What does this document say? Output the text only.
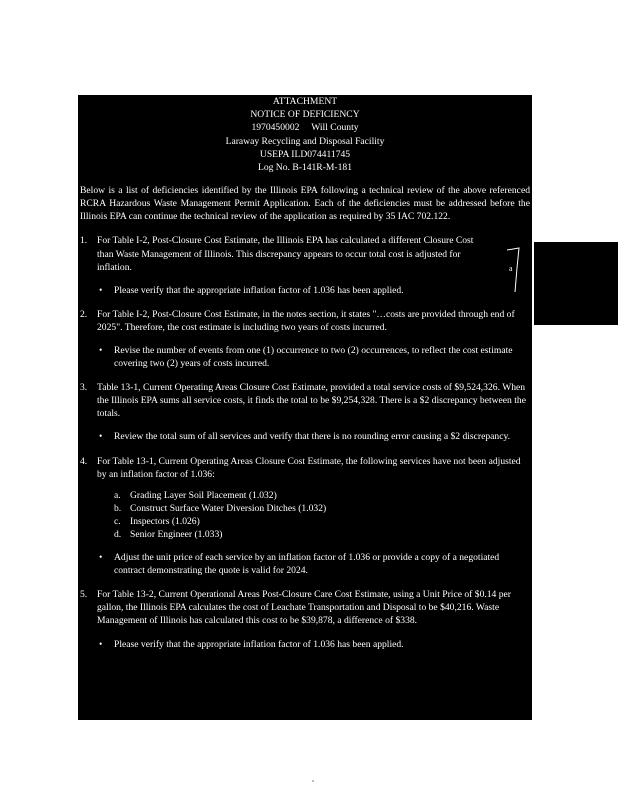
ATTACHMENT
NOTICE OF DEFICIENCY
1970450002     Will County
Laraway Recycling and Disposal Facility
USEPA ILD074411745
Log No. B-141R-M-181

Below is a list of deficiencies identified by the Illinois EPA following a technical review of the above referenced RCRA Hazardous Waste Management Permit Application. Each of the deficiencies must be addressed before the Illinois EPA can continue the technical review of the application as required by 35 IAC 702.122.

1. For Table I-2, Post-Closure Cost Estimate, the Illinois EPA has calculated a different Closure Cost than Waste Management of Illinois. This discrepancy appears to occur total cost is adjusted for inflation.
• Please verify that the appropriate inflation factor of 1.036 has been applied.
2. For Table I-2, Post-Closure Cost Estimate, in the notes section, it states "…costs are provided through end of 2025". Therefore, the cost estimate is including two years of costs incurred.
• Revise the number of events from one (1) occurrence to two (2) occurrences, to reflect the cost estimate covering two (2) years of costs incurred.
3. Table 13-1, Current Operating Areas Closure Cost Estimate, provided a total service costs of $9,524,326. When the Illinois EPA sums all service costs, it finds the total to be $9,254,328. There is a $2 discrepancy between the totals.
• Review the total sum of all services and verify that there is no rounding error causing a $2 discrepancy.
4. For Table 13-1, Current Operating Areas Closure Cost Estimate, the following services have not been adjusted by an inflation factor of 1.036:
a. Grading Layer Soil Placement (1.032)
b. Construct Surface Water Diversion Ditches (1.032)
c. Inspectors (1.026)
d. Senior Engineer (1.033)
• Adjust the unit price of each service by an inflation factor of 1.036 or provide a copy of a negotiated contract demonstrating the quote is valid for 2024.
5. For Table 13-2, Current Operational Areas Post-Closure Care Cost Estimate, using a Unit Price of $0.14 per gallon, the Illinois EPA calculates the cost of Leachate Transportation and Disposal to be $40,216. Waste Management of Illinois has calculated this cost to be $39,878, a difference of $338.
• Please verify that the appropriate inflation factor of 1.036 has been applied.
a
